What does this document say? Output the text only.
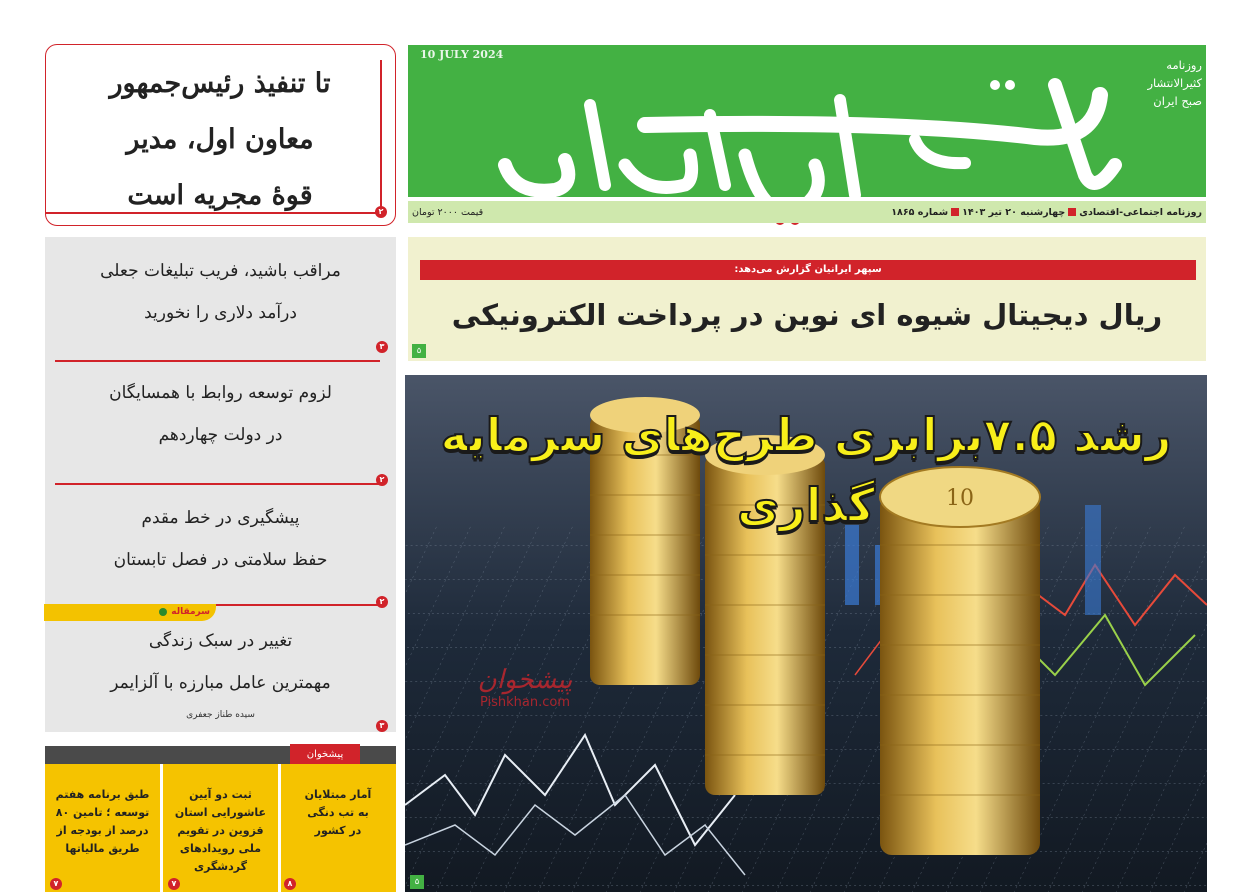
10 JULY 2024
روزنامه
کثیرالانتشار
صبح ایران
روزنامه اجتماعی-اقتصادیچهارشنبه ۲۰ تیر ۱۴۰۳شماره ۱۸۶۵
قیمت ۲۰۰۰ تومان
تا تنفیذ رئیس‌جمهور
معاون اول، مدیر
قوهٔ مجریه است
۲
مراقب باشید، فریب تبلیغات جعلی
درآمد دلاری را نخورید
۳
لزوم توسعه روابط با همسایگان
در دولت چهاردهم
۲
پیشگیری در خط مقدم
حفظ سلامتی در فصل تابستان
۲
سرمقاله
تغییر در سبک زندگی
مهمترین عامل مبارزه با آلزایمر
سیده طناز جعفری
۳
پیشخوان
آمار مبتلایان
به تب دنگی
در کشور
ثبت دو آیین
عاشورایی استان
قزوین در تقویم
ملی رویدادهای
گردشگری
طبق برنامه هفتم
توسعه ؛ تامین ۸۰
درصد از بودجه از
طریق مالیاتها
۸
۷
۷
سپهر ایرانیان گزارش می‌دهد:
ریال دیجیتال شیوه ای نوین در پرداخت الکترونیکی
۵
10
رشد ۷.۵برابری طرح‌های سرمایه گذاری
پیشخوان
Pishkhan.com
۵
